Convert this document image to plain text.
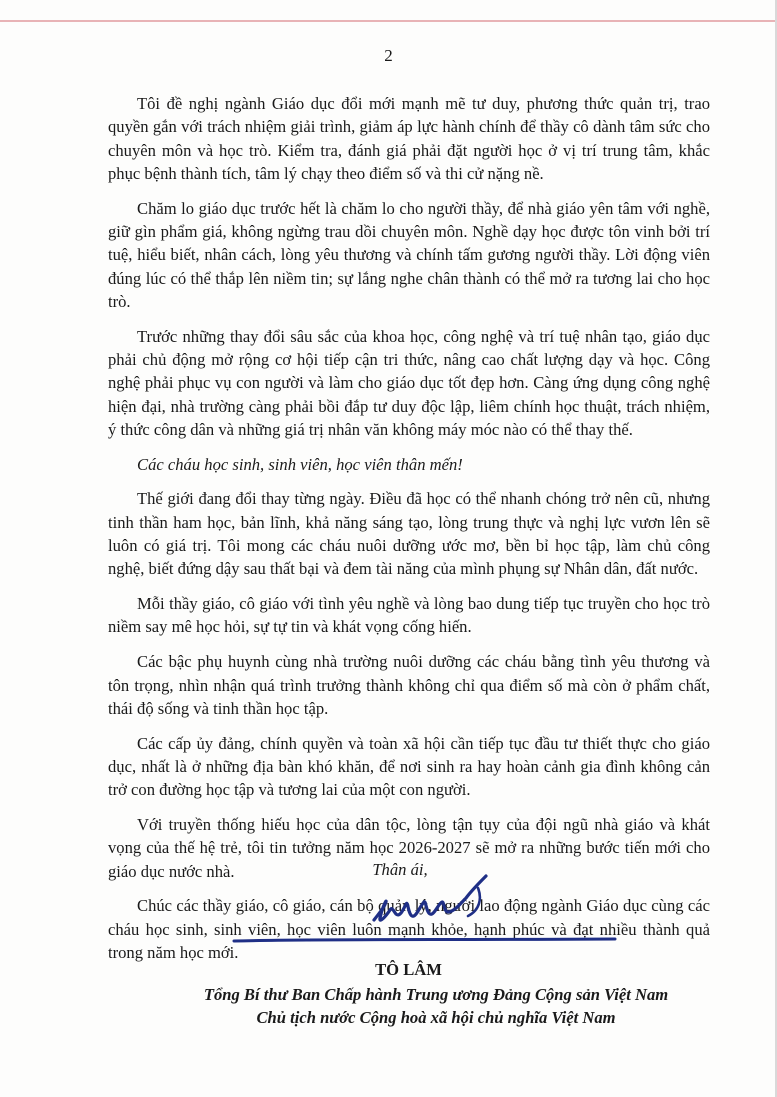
2

Tôi đề nghị ngành Giáo dục đổi mới mạnh mẽ tư duy, phương thức quản trị, trao quyền gắn với trách nhiệm giải trình, giảm áp lực hành chính để thầy cô dành tâm sức cho chuyên môn và học trò. Kiểm tra, đánh giá phải đặt người học ở vị trí trung tâm, khắc phục bệnh thành tích, tâm lý chạy theo điểm số và thi cử nặng nề.

Chăm lo giáo dục trước hết là chăm lo cho người thầy, để nhà giáo yên tâm với nghề, giữ gìn phẩm giá, không ngừng trau dồi chuyên môn. Nghề dạy học được tôn vinh bởi trí tuệ, hiểu biết, nhân cách, lòng yêu thương và chính tấm gương người thầy. Lời động viên đúng lúc có thể thắp lên niềm tin; sự lắng nghe chân thành có thể mở ra tương lai cho học trò.

Trước những thay đổi sâu sắc của khoa học, công nghệ và trí tuệ nhân tạo, giáo dục phải chủ động mở rộng cơ hội tiếp cận tri thức, nâng cao chất lượng dạy và học. Công nghệ phải phục vụ con người và làm cho giáo dục tốt đẹp hơn. Càng ứng dụng công nghệ hiện đại, nhà trường càng phải bồi đắp tư duy độc lập, liêm chính học thuật, trách nhiệm, ý thức công dân và những giá trị nhân văn không máy móc nào có thể thay thế.

Các cháu học sinh, sinh viên, học viên thân mến!

Thế giới đang đổi thay từng ngày. Điều đã học có thể nhanh chóng trở nên cũ, nhưng tinh thần ham học, bản lĩnh, khả năng sáng tạo, lòng trung thực và nghị lực vươn lên sẽ luôn có giá trị. Tôi mong các cháu nuôi dưỡng ước mơ, bền bỉ học tập, làm chủ công nghệ, biết đứng dậy sau thất bại và đem tài năng của mình phụng sự Nhân dân, đất nước.

Mỗi thầy giáo, cô giáo với tình yêu nghề và lòng bao dung tiếp tục truyền cho học trò niềm say mê học hỏi, sự tự tin và khát vọng cống hiến.

Các bậc phụ huynh cùng nhà trường nuôi dưỡng các cháu bằng tình yêu thương và tôn trọng, nhìn nhận quá trình trưởng thành không chỉ qua điểm số mà còn ở phẩm chất, thái độ sống và tinh thần học tập.

Các cấp ủy đảng, chính quyền và toàn xã hội cần tiếp tục đầu tư thiết thực cho giáo dục, nhất là ở những địa bàn khó khăn, để nơi sinh ra hay hoàn cảnh gia đình không cản trở con đường học tập và tương lai của một con người.

Với truyền thống hiếu học của dân tộc, lòng tận tụy của đội ngũ nhà giáo và khát vọng của thế hệ trẻ, tôi tin tưởng năm học 2026-2027 sẽ mở ra những bước tiến mới cho giáo dục nước nhà.

Chúc các thầy giáo, cô giáo, cán bộ quản lý, người lao động ngành Giáo dục cùng các cháu học sinh, sinh viên, học viên luôn mạnh khỏe, hạnh phúc và đạt nhiều thành quả trong năm học mới.

Thân ái,
TÔ LÂM
Tổng Bí thư Ban Chấp hành Trung ương Đảng Cộng sản Việt Nam
Chủ tịch nước Cộng hoà xã hội chủ nghĩa Việt Nam
